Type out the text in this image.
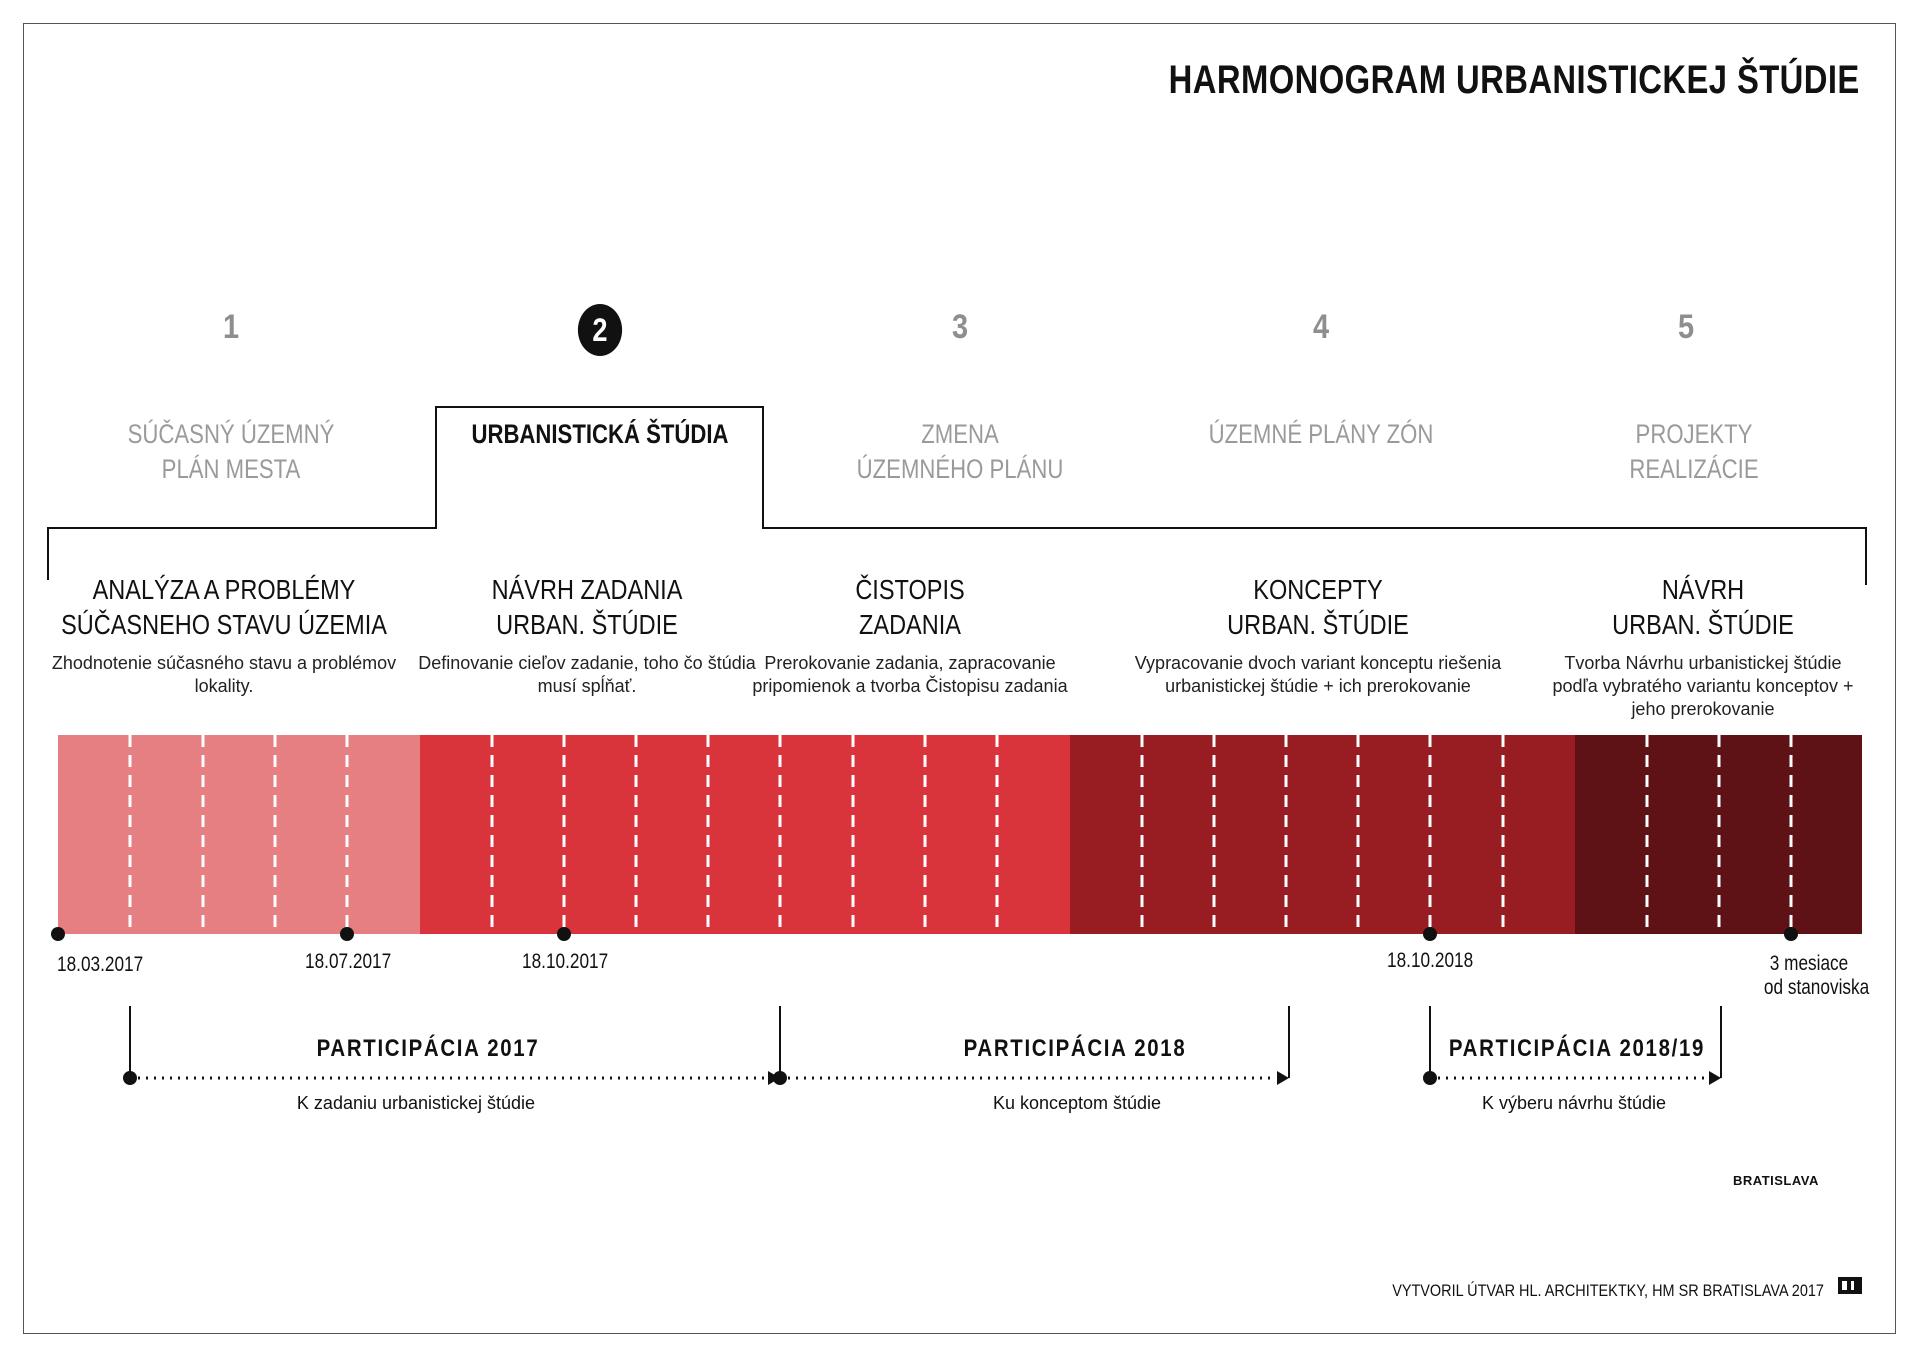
HARMONOGRAM URBANISTICKEJ ŠTÚDIE
1	2	3	4	5
SÚČASNÝ ÚZEMNÝ
PLÁN MESTA
URBANISTICKÁ ŠTÚDIA	ZMENA
ÚZEMNÉHO PLÁNU
ÚZEMNÉ PLÁNY ZÓN	PROJEKTY
REALIZÁCIE
ANALÝZA A PROBLÉMY
SÚČASNEHO STAVU ÚZEMIA
Zhodnotenie súčasného stavu a problémov lokality.
NÁVRH ZADANIA
URBAN. ŠTÚDIE
Definovanie cieľov zadanie, toho čo štúdia musí spĺňať.
ČISTOPIS
ZADANIA
Prerokovanie zadania, zapracovanie pripomienok a tvorba Čistopisu zadania
KONCEPTY
URBAN. ŠTÚDIE
Vypracovanie dvoch variant konceptu riešenia urbanistickej štúdie + ich prerokovanie
NÁVRH
URBAN. ŠTÚDIE
Tvorba Návrhu urbanistickej štúdie podľa vybratého variantu konceptov + jeho prerokovanie
18.03.2017	18.07.2017	18.10.2017	18.10.2018	3 mesiace
od stanoviska
PARTICIPÁCIA 2017
K zadaniu urbanistickej štúdie
PARTICIPÁCIA 2018
Ku konceptom štúdie
PARTICIPÁCIA 2018/19
K výberu návrhu štúdie
BRATISLAVA
VYTVORIL ÚTVAR HL. ARCHITEKTKY, HM SR BRATISLAVA 2017
